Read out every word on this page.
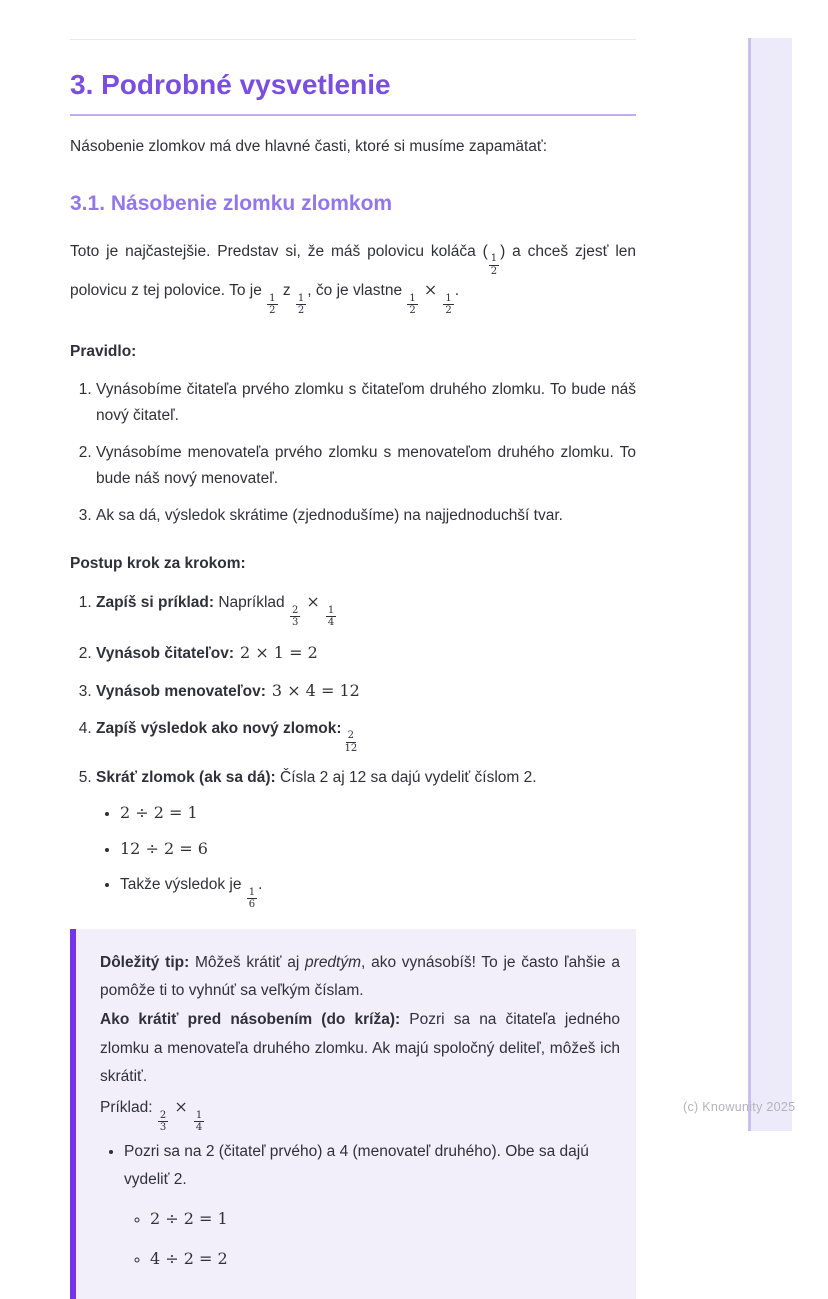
3. Podrobné vysvetlenie

Násobenie zlomkov má dve hlavné časti, ktoré si musíme zapamätať:

3.1. Násobenie zlomku zlomkom

Toto je najčastejšie. Predstav si, že máš polovicu koláča (
$\frac{1}{2}$
) a chceš zjesť len polovicu z tej polovice. To je
$\frac{1}{2}$
z
$\frac{1}{2}$
, čo je vlastne
$\frac{1}{2}$
×
$\frac{1}{2}$
.

Pravidlo:

1. Vynásobíme čitateľa prvého zlomku s čitateľom druhého zlomku. To bude náš nový čitateľ.
2. Vynásobíme menovateľa prvého zlomku s menovateľom druhého zlomku. To bude náš nový menovateľ.
3. Ak sa dá, výsledok skrátime (zjednodušíme) na najjednoduchší tvar.

Postup krok za krokom:

1. Zapíš si príklad: Napríklad
$\frac{2}{3}$
×
$\frac{1}{4}$
2. Vynásob čitateľov: 2 × 1 = 2
3. Vynásob menovateľov: 3 × 4 = 12
4. Zapíš výsledok ako nový zlomok:
$\frac{2}{12}$
5. Skráť zlomok (ak sa dá): Čísla 2 aj 12 sa dajú vydeliť číslom 2.
• 2 ÷ 2 = 1
• 12 ÷ 2 = 6
• Takže výsledok je
$\frac{1}{6}$
.

Dôležitý tip: Môžeš krátiť aj predtým, ako vynásobíš! To je často ľahšie a pomôže ti to vyhnúť sa veľkým číslam.

Ako krátiť pred násobením (do kríža): Pozri sa na čitateľa jedného zlomku a menovateľa druhého zlomku. Ak majú spoločný deliteľ, môžeš ich skrátiť.

Príklad:
$\frac{2}{3}$
×
$\frac{1}{4}$

• Pozri sa na 2 (čitateľ prvého) a 4 (menovateľ druhého). Obe sa dajú vydeliť 2.
◦ 2 ÷ 2 = 1
◦ 4 ÷ 2 = 2
(c) Knowunity 2025
